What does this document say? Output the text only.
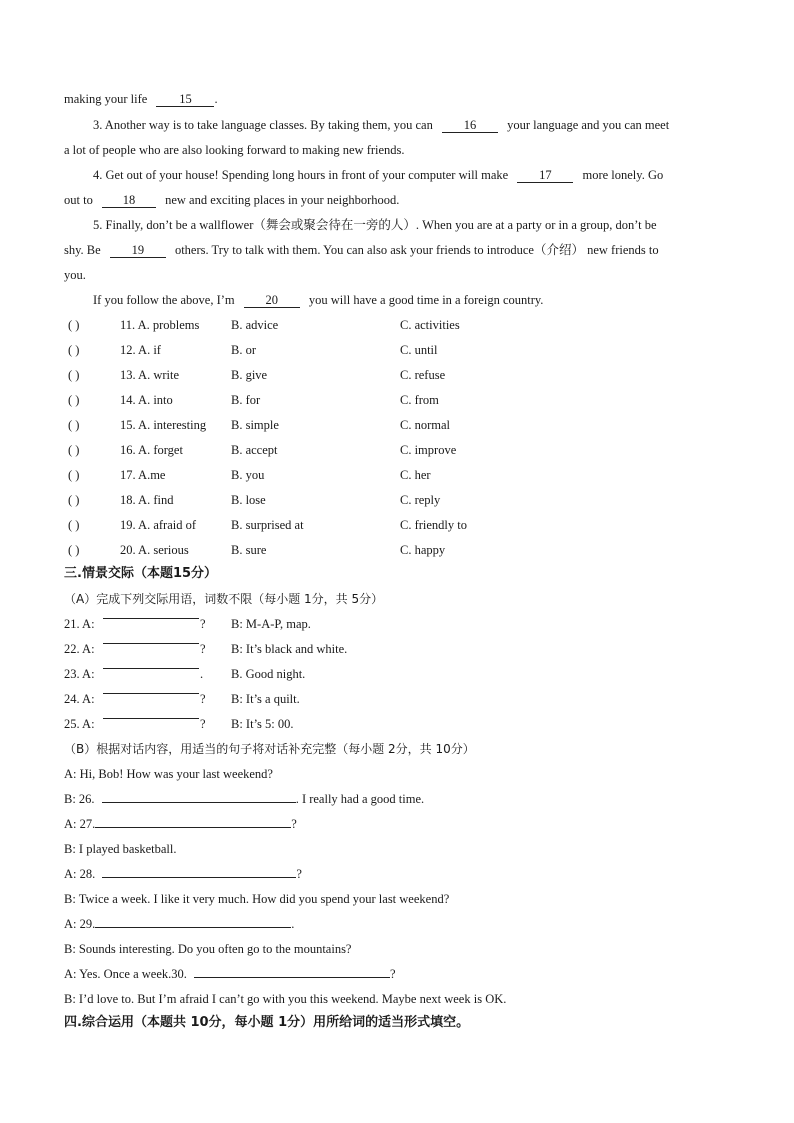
making your life	15 .
3. Another way is to take language classes. By taking them, you can 16 your language and you can meet
a lot of people who are also looking forward to making new friends.
4. Get out of your house! Spending long hours in front of your computer will make 17 more lonely. Go
out to 18 new and exciting places in your neighborhood.
5. Finally, don’t be a wallflower（舞会或聚会待在一旁的人）. When you are at a party or in a group, don’t be
shy. Be 19 others. Try to talk with them. You can also ask your friends to introduce（介绍） new friends to
you.
If you follow the above, I’m 20 you will have a good time in a foreign country.
( )	11. A. problems	B. advice	C. activities
( )	12. A. if	B. or	C. until
( )	13. A. write	B. give	C. refuse
( )	14. A. into	B. for	C. from
( )	15. A. interesting B. simple	C. normal
( )	16. A. forget	B. accept	C. improve
( )	17. A.me	B. you	C. her
( )	18. A. find	B. lose	C. reply
( )	19. A. afraid of	B. surprised at	C. friendly to
( )	20. A. serious	B. sure	C. happy
三.情景交际（本题15分）
（A）完成下列交际用语，词数不限（每小题 1分，共 5分）
21. A:	? B: M-A-P, map.
22. A:	? B: It’s black and white.
23. A:	. B. Good night.
24. A:	? B: It’s a quilt.
25. A:	? B: It’s 5: 00.
（B）根据对话内容，用适当的句子将对话补充完整（每小题 2分，共 10分）
A: Hi, Bob! How was your last weekend?
B: 26.	. I really had a good time.
A: 27.	?
B: I played basketball.
A: 28.	?
B: Twice a week. I like it very much. How did you spend your last weekend?
A: 29.	.
B: Sounds interesting. Do you often go to the mountains?
A: Yes. Once a week.30.	?
B: I’d love to. But I’m afraid I can’t go with you this weekend. Maybe next week is OK.
四.综合运用（本题共 10分，每小题 1分）用所给词的适当形式填空。
